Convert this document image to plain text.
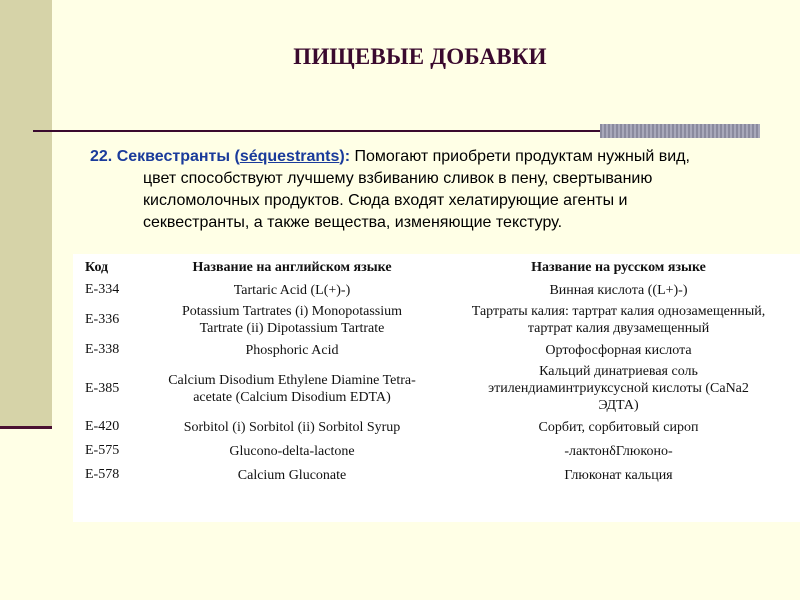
ПИЩЕВЫЕ ДОБАВКИ
22. Секвестранты (séquestrants): Помогают приобрети продуктам нужный вид,
цвет способствуют лучшему взбиванию сливок в пену, свертыванию
кисломолочных продуктов. Сюда входят хелатирующие агенты и
секвестранты, а также вещества, изменяющие текстуру.
Код	Название на английском языке	Название на русском языке
E-334	Tartaric Acid (L(+)-)	Винная кислота ((L+)-)

E-336	Potassium Tartrates (i) Monopotassium
Tartrate (ii) Dipotassium Tartrate	Тартраты калия: тартрат калия однозамещенный,
тартрат калия двузамещенный

E-338	Phosphoric Acid	Ортофосфорная кислота

E-385	Calcium Disodium Ethylene Diamine Tetra-
acetate (Calcium Disodium EDTA)	Кальций динатриевая соль
этилендиаминтриуксусной кислоты (CaNa2
ЭДТА)

E-420	Sorbitol (i) Sorbitol (ii) Sorbitol Syrup	Сорбит, сорбитовый сироп

E-575	Glucono-delta-lactone	-лактонδГлюконо-

E-578	Calcium Gluconate	Глюконат кальция
